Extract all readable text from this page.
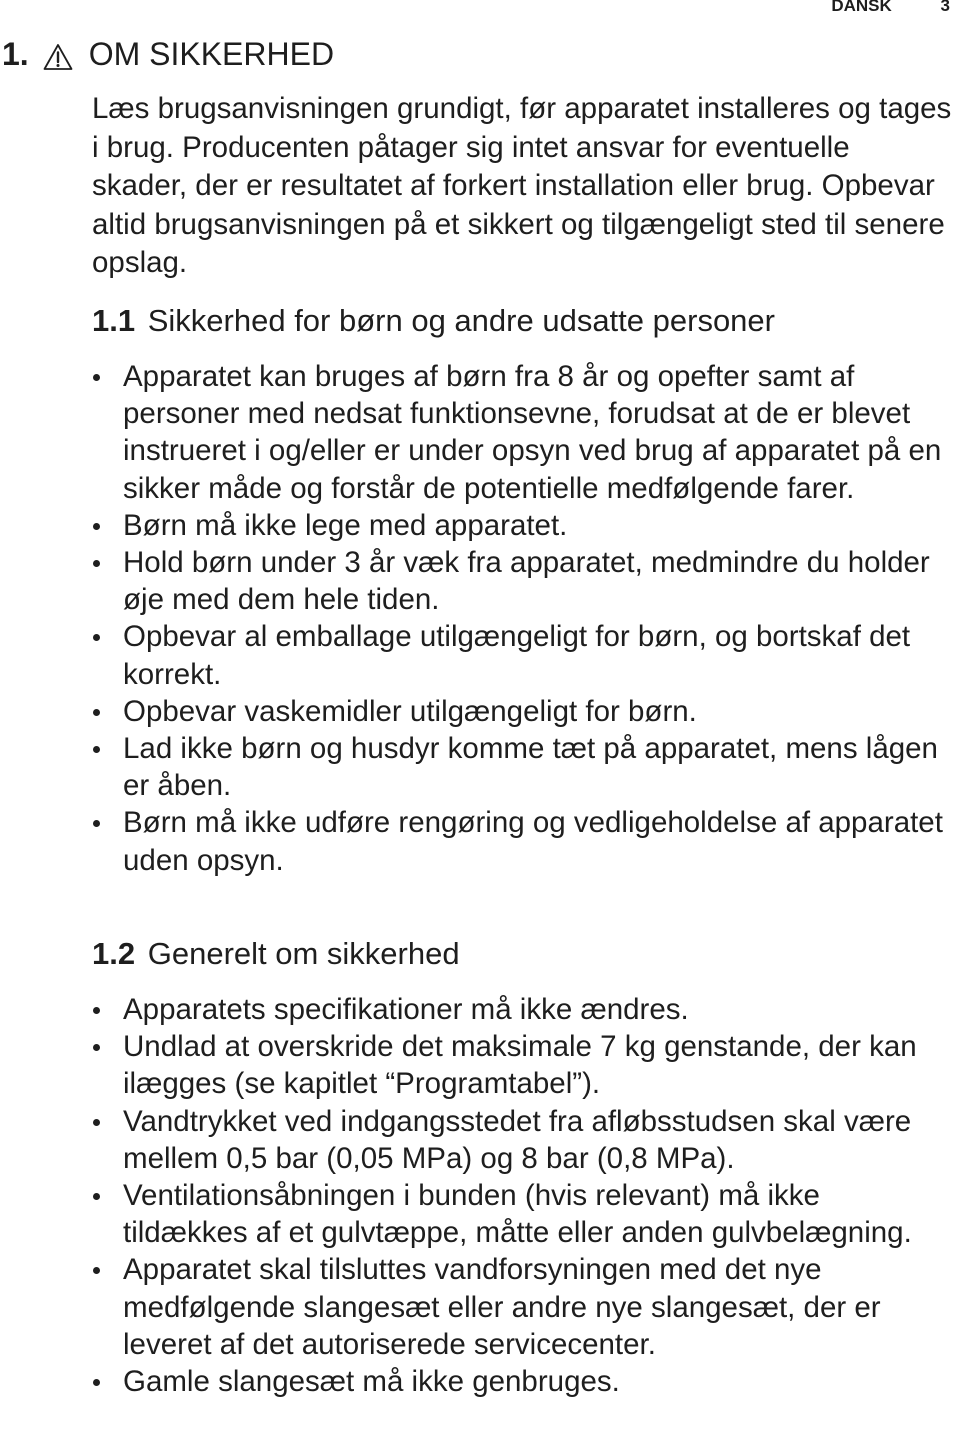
DANSK	3
1. OM SIKKERHED

Læs brugsanvisningen grundigt, før apparatet installeres og tages i brug. Producenten påtager sig intet ansvar for eventuelle skader, der er resultatet af forkert installation eller brug. Opbevar altid brugsanvisningen på et sikkert og tilgængeligt sted til senere opslag.

1.1 Sikkerhed for børn og andre udsatte personer
Apparatet kan bruges af børn fra 8 år og opefter samt af personer med nedsat funktionsevne, forudsat at de er blevet instrueret i og/eller er under opsyn ved brug af apparatet på en sikker måde og forstår de potentielle medfølgende farer.
Børn må ikke lege med apparatet.
Hold børn under 3 år væk fra apparatet, medmindre du holder øje med dem hele tiden.
Opbevar al emballage utilgængeligt for børn, og bortskaf det korrekt.
Opbevar vaskemidler utilgængeligt for børn.
Lad ikke børn og husdyr komme tæt på apparatet, mens lågen er åben.
Børn må ikke udføre rengøring og vedligeholdelse af apparatet uden opsyn.
1.2 Generelt om sikkerhed
Apparatets specifikationer må ikke ændres.
Undlad at overskride det maksimale 7 kg genstande, der kan ilægges (se kapitlet “Programtabel”).
Vandtrykket ved indgangsstedet fra afløbsstudsen skal være mellem 0,5 bar (0,05 MPa) og 8 bar (0,8 MPa).
Ventilationsåbningen i bunden (hvis relevant) må ikke tildækkes af et gulvtæppe, måtte eller anden gulvbelægning.
Apparatet skal tilsluttes vandforsyningen med det nye medfølgende slangesæt eller andre nye slangesæt, der er leveret af det autoriserede servicecenter.
Gamle slangesæt må ikke genbruges.
